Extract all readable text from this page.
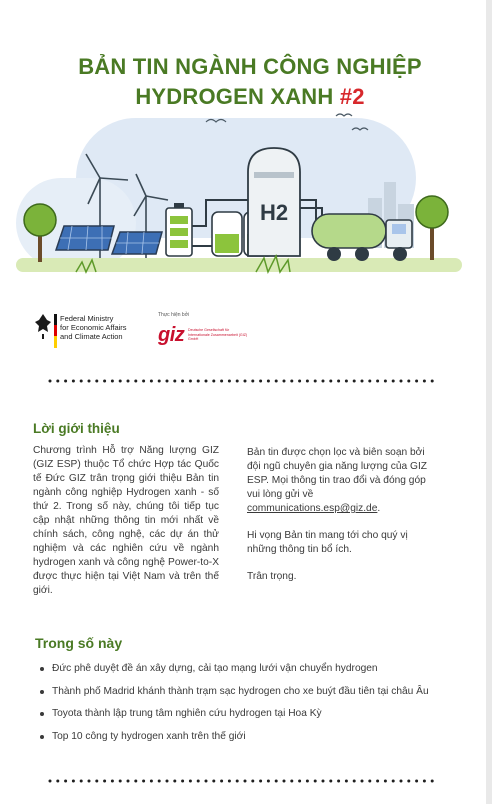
BẢN TIN NGÀNH CÔNG NGHIỆP
HYDROGEN XANH #2
H2
Federal Ministry
for Economic Affairs
and Climate Action
Thực hiện bởi
giz Deutsche Gesellschaft für Internationale Zusammenarbeit (GIZ) GmbH
Lời giới thiệu
Chương trình Hỗ trợ Năng lượng GIZ (GIZ ESP) thuộc Tổ chức Hợp tác Quốc tế Đức GIZ trân trọng giới thiệu Bản tin ngành công nghiệp Hydrogen xanh - số thứ 2. Trong số này, chúng tôi tiếp tục cập nhật những thông tin mới nhất về chính sách, công nghệ, các dự án thử nghiệm và các nghiên cứu về ngành hydrogen xanh và công nghệ Power-to-X được thực hiện tại Việt Nam và trên thế giới.

Bản tin được chọn lọc và biên soạn bởi đội ngũ chuyên gia năng lượng của GIZ ESP. Mọi thông tin trao đổi và đóng góp vui lòng gửi về communications.esp@giz.de.

Hi vọng Bản tin mang tới cho quý vị những thông tin bổ ích.

Trân trọng.

Trong số này
Đức phê duyệt đề án xây dựng, cải tạo mạng lưới vận chuyển hydrogen
Thành phố Madrid khánh thành trạm sạc hydrogen cho xe buýt đầu tiên tại châu Âu
Toyota thành lập trung tâm nghiên cứu hydrogen tại Hoa Kỳ
Top 10 công ty hydrogen xanh trên thế giới
